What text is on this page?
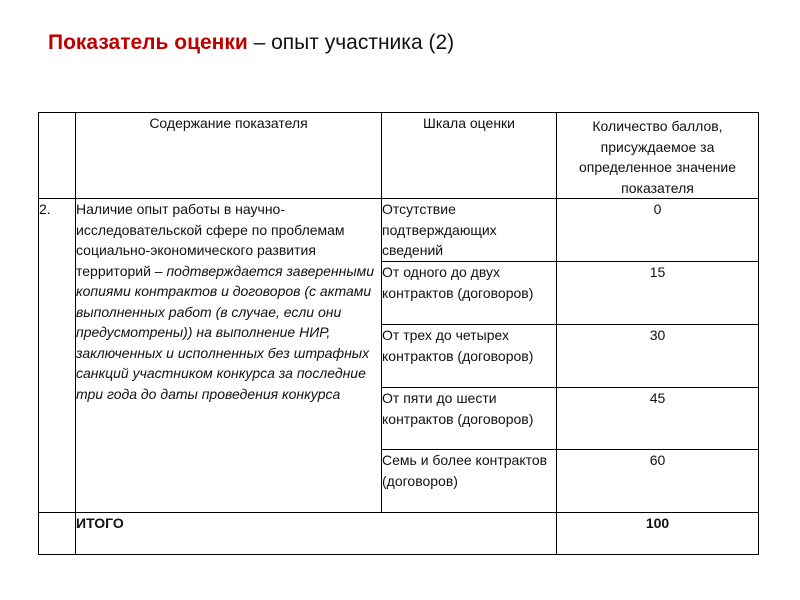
Показатель оценки – опыт участника (2)
	Содержание показателя	Шкала оценки	Количество баллов, присуждаемое за определенное значение показателя
2.	Наличие опыт работы в научно-исследовательской сфере по проблемам социально-экономического развития территорий – подтверждается заверенными копиями контрактов и договоров (с актами выполненных работ (в случае, если они предусмотрены)) на выполнение НИР, заключенных и исполненных без штрафных санкций участником конкурса за последние три года до даты проведения конкурса	Отсутствие подтверждающих сведений	0
		От одного до двух контрактов (договоров)	15
		От трех до четырех контрактов (договоров)	30
		От пяти до шести контрактов (договоров)	45
		Семь и более контрактов (договоров)	60
	ИТОГО		100
